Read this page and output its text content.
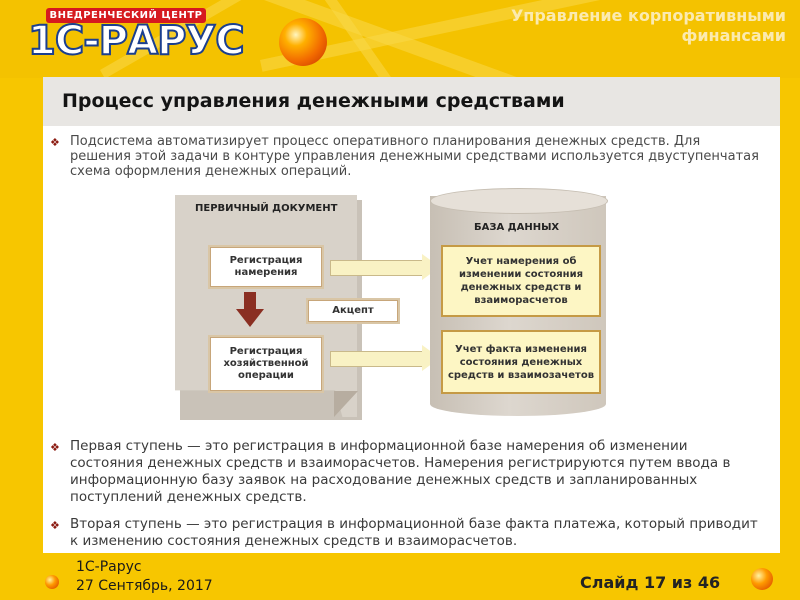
ВНЕДРЕНЧЕСКИЙ ЦЕНТР
1С-РАРУС
Управление корпоративными
финансами
Процесс управления денежными средствами
❖ Подсистема автоматизирует процесс оперативного планирования денежных средств. Для решения этой задачи в контуре управления денежными средствами используется двуступенчатая схема оформления денежных операций.
ПЕРВИЧНЫЙ ДОКУМЕНТ
Регистрация намерения
Регистрация хозяйственной операции
Акцепт
БАЗА ДАННЫХ
Учет намерения об изменении состояния денежных средств и взаиморасчетов
Учет факта изменения состояния денежных средств и взаимозачетов
❖ Первая ступень — это регистрация в информационной базе намерения об изменении состояния денежных средств и взаиморасчетов. Намерения регистрируются путем ввода в информационную базу заявок на расходование денежных средств и запланированных поступлений денежных средств.
❖ Вторая ступень — это регистрация в информационной базе факта платежа, который приводит к изменению состояния денежных средств и взаиморасчетов.
1С-Рарус
27 Сентябрь, 2017	Слайд 17 из 46
